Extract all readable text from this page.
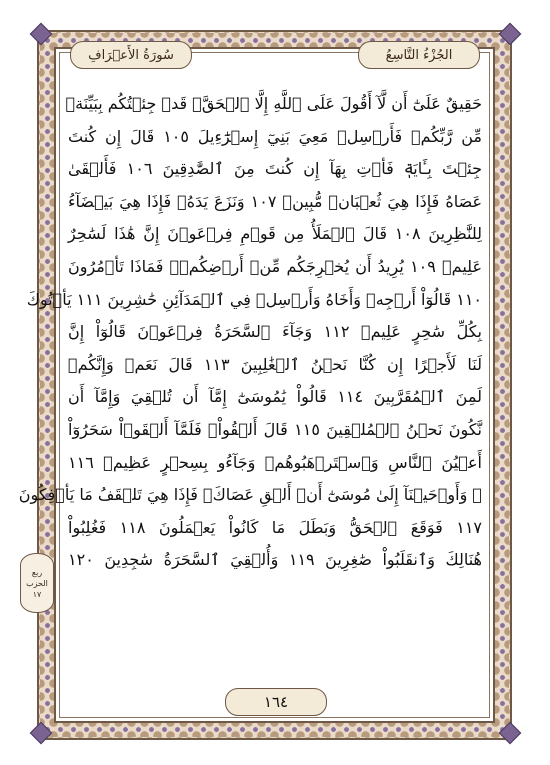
سُورَةُ الأَعۡرَافِ	الجُزْءُ التَّاسِعُ
حَقِيقٌ عَلَىٰٓ أَن لَّآ أَقُولَ عَلَى ٱللَّهِ إِلَّا ٱلۡحَقَّۚ قَدۡ جِئۡتُكُم بِبَيِّنَةٖ
مِّن رَّبِّكُمۡ فَأَرۡسِلۡ مَعِيَ بَنِيٓ إِسۡرَٰٓءِيلَ ١٠٥ قَالَ إِن كُنتَ
جِئۡتَ بِـَٔايَةٖ فَأۡتِ بِهَآ إِن كُنتَ مِنَ ٱلصَّٰدِقِينَ ١٠٦ فَأَلۡقَىٰ
عَصَاهُ فَإِذَا هِيَ ثُعۡبَانٞ مُّبِينٞ ١٠٧ وَنَزَعَ يَدَهُۥ فَإِذَا هِيَ بَيۡضَآءُ
لِلنَّٰظِرِينَ ١٠٨ قَالَ ٱلۡمَلَأُ مِن قَوۡمِ فِرۡعَوۡنَ إِنَّ هَٰذَا لَسَٰحِرٌ
عَلِيمٞ ١٠٩ يُرِيدُ أَن يُخۡرِجَكُم مِّنۡ أَرۡضِكُمۡۖ فَمَاذَا تَأۡمُرُونَ
١١٠ قَالُوٓاْ أَرۡجِهۡ وَأَخَاهُ وَأَرۡسِلۡ فِي ٱلۡمَدَآئِنِ حَٰشِرِينَ ١١١ يَأۡتُوكَ
بِكُلِّ سَٰحِرٍ عَلِيمٖ ١١٢ وَجَآءَ ٱلسَّحَرَةُ فِرۡعَوۡنَ قَالُوٓاْ إِنَّ
لَنَا لَأَجۡرًا إِن كُنَّا نَحۡنُ ٱلۡغَٰلِبِينَ ١١٣ قَالَ نَعَمۡ وَإِنَّكُمۡ
لَمِنَ ٱلۡمُقَرَّبِينَ ١١٤ قَالُواْ يَٰمُوسَىٰٓ إِمَّآ أَن تُلۡقِيَ وَإِمَّآ أَن
نَّكُونَ نَحۡنُ ٱلۡمُلۡقِينَ ١١٥ قَالَ أَلۡقُواْۖ فَلَمَّآ أَلۡقَوۡاْ سَحَرُوٓاْ
أَعۡيُنَ ٱلنَّاسِ وَٱسۡتَرۡهَبُوهُمۡ وَجَآءُو بِسِحۡرٍ عَظِيمٖ ١١٦
۞ وَأَوۡحَيۡنَآ إِلَىٰ مُوسَىٰٓ أَنۡ أَلۡقِ عَصَاكَۖ فَإِذَا هِيَ تَلۡقَفُ مَا يَأۡفِكُونَ
١١٧ فَوَقَعَ ٱلۡحَقُّ وَبَطَلَ مَا كَانُواْ يَعۡمَلُونَ ١١٨ فَغُلِبُواْ
هُنَالِكَ وَٱنقَلَبُواْ صَٰغِرِينَ ١١٩ وَأُلۡقِيَ ٱلسَّحَرَةُ سَٰجِدِينَ ١٢٠
ربع
الحزب
١٧
١٦٤
